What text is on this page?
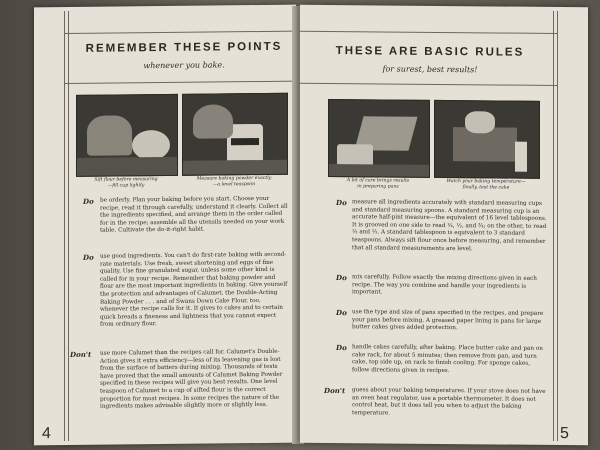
REMEMBER THESE POINTS
whenever you bake.
Sift flour before measuring
—fill cup lightly
Measure baking powder exactly
—a level teaspoon
Do be orderly. Plan your baking before you start. Choose your recipe, read it through carefully, understand it clearly. Collect all the ingredients specified, and arrange them in the order called for in the recipe; assemble all the utensils needed on your work table. Cultivate the do-it-right habit.
Do use good ingredients. You can't do first-rate baking with second-rate materials. Use fresh, sweet shortening and eggs of fine quality. Use fine granulated sugar, unless some other kind is called for in your recipe. Remember that baking powder and flour are the most important ingredients in baking. Give yourself the protection and advantages of Calumet, the Double-Acting Baking Powder . . . and of Swans Down Cake Flour, too, whenever the recipe calls for it. It gives to cakes and to certain quick breads a fineness and lightness that you cannot expect from ordinary flour.
Don't use more Calumet than the recipes call for. Calumet's Double-Action gives it extra efficiency—less of its leavening gas is lost from the surface of batters during mixing. Thousands of tests have proved that the small amounts of Calumet Baking Powder specified in these recipes will give you best results. One level teaspoon of Calumet to a cup of sifted flour is the correct proportion for most recipes. In some recipes the nature of the ingredients makes advisable slightly more or slightly less.
4
THESE ARE BASIC RULES
for surest, best results!
A bit of care brings results
in preparing pans
Watch your baking temperature—
finally, test the cake
Do measure all ingredients accurately with standard measuring cups and standard measuring spoons. A standard measuring cup is an accurate half-pint measure—the equivalent of 16 level tablespoons. It is grooved on one side to read ¼, ½, and ¾; on the other, to read ⅓ and ⅔. A standard tablespoon is equivalent to 3 standard teaspoons. Always sift flour once before measuring, and remember that all standard measurements are level.
Do mix carefully. Follow exactly the mixing directions given in each recipe. The way you combine and handle your ingredients is important.
Do use the type and size of pans specified in the recipes, and prepare your pans before mixing. A greased paper lining in pans for large butter cakes gives added protection.
Do handle cakes carefully, after baking. Place butter cake and pan on cake rack, for about 5 minutes; then remove from pan, and turn cake, top side up, on rack to finish cooling. For sponge cakes, follow directions given in recipes.
Don't guess about your baking temperatures. If your stove does not have an oven heat regulator, use a portable thermometer. It does not control heat, but it does tell you when to adjust the baking temperature.
5
